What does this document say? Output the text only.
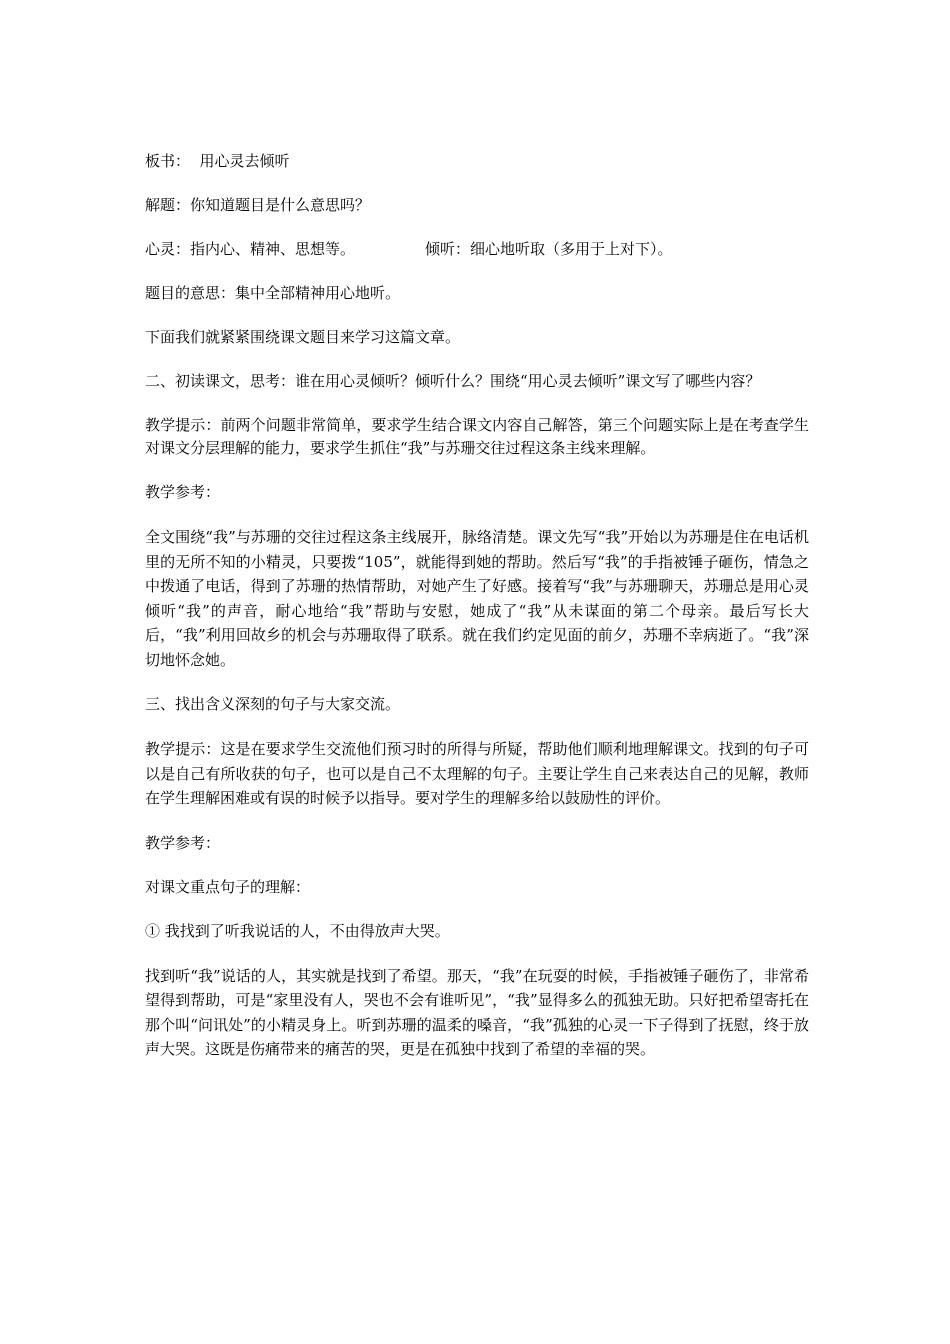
板书：  用心灵去倾听

解题：你知道题目是什么意思吗？

心灵：指内心、精神、思想等。	倾听：细心地听取（多用于上对下）。

题目的意思：集中全部精神用心地听。

下面我们就紧紧围绕课文题目来学习这篇文章。

二、初读课文，思考：谁在用心灵倾听？倾听什么？围绕“用心灵去倾听”课文写了哪些内容？

教学提示：前两个问题非常简单，要求学生结合课文内容自己解答，第三个问题实际上是在考查学生对课文分层理解的能力，要求学生抓住“我”与苏珊交往过程这条主线来理解。

教学参考：

全文围绕“我”与苏珊的交往过程这条主线展开，脉络清楚。课文先写“我”开始以为苏珊是住在电话机里的无所不知的小精灵，只要拨“105”，就能得到她的帮助。然后写“我”的手指被锤子砸伤，情急之中拨通了电话，得到了苏珊的热情帮助，对她产生了好感。接着写“我”与苏珊聊天，苏珊总是用心灵倾听“我”的声音，耐心地给“我”帮助与安慰，她成了“我”从未谋面的第二个母亲。最后写长大后，“我”利用回故乡的机会与苏珊取得了联系。就在我们约定见面的前夕，苏珊不幸病逝了。“我”深切地怀念她。

三、找出含义深刻的句子与大家交流。

教学提示：这是在要求学生交流他们预习时的所得与所疑，帮助他们顺利地理解课文。找到的句子可以是自己有所收获的句子，也可以是自己不太理解的句子。主要让学生自己来表达自己的见解，教师在学生理解困难或有误的时候予以指导。要对学生的理解多给以鼓励性的评价。

教学参考：

对课文重点句子的理解：

① 我找到了听我说话的人，不由得放声大哭。

找到听“我”说话的人，其实就是找到了希望。那天，“我”在玩耍的时候，手指被锤子砸伤了，非常希望得到帮助，可是“家里没有人，哭也不会有谁听见”，“我”显得多么的孤独无助。只好把希望寄托在那个叫“问讯处”的小精灵身上。听到苏珊的温柔的嗓音，“我”孤独的心灵一下子得到了抚慰，终于放声大哭。这既是伤痛带来的痛苦的哭，更是在孤独中找到了希望的幸福的哭。
